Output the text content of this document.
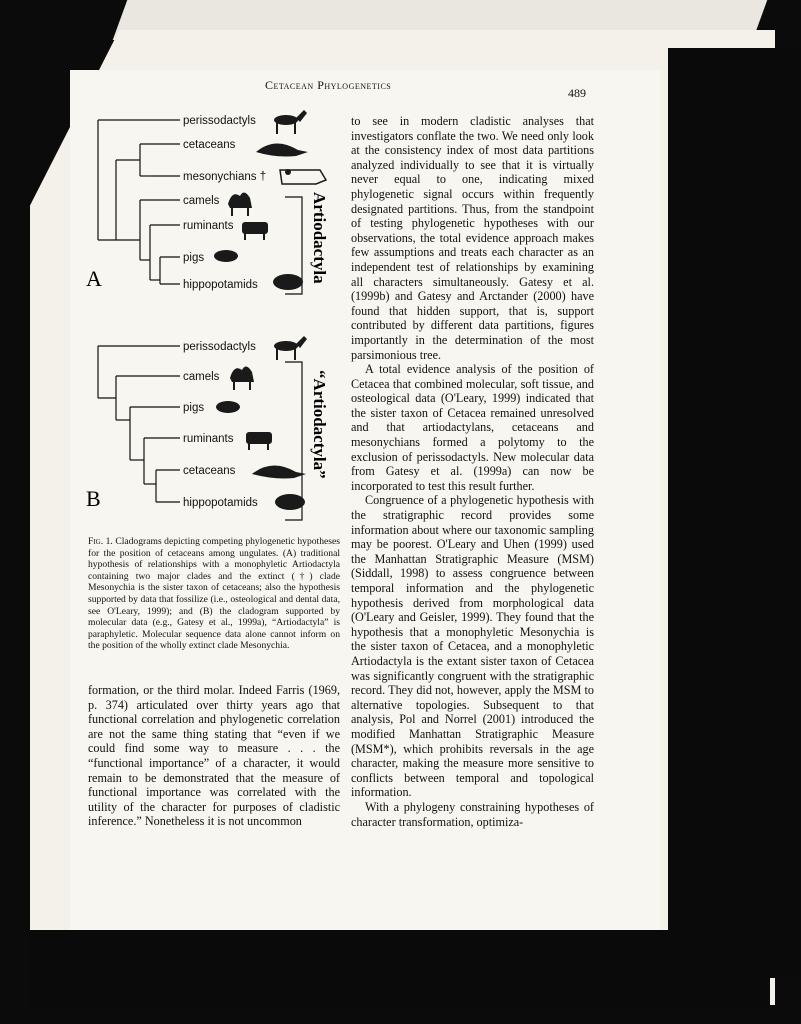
Cetacean Phylogenetics
489
perissodactyls
cetaceans
mesonychians †
camels
ruminants
pigs
hippopotamids
A	Artiodactyla
perissodactyls
camels
pigs
ruminants
cetaceans
hippopotamids
B
“Artiodactyla”
Fig. 1. Cladograms depicting competing phylogenetic hypotheses for the position of cetaceans among ungulates. (A) traditional hypothesis of relationships with a monophyletic Artiodactyla containing two major clades and the extinct (†) clade Mesonychia is the sister taxon of cetaceans; also the hypothesis supported by data that fossilize (i.e., osteological and dental data, see O'Leary, 1999); and (B) the cladogram supported by molecular data (e.g., Gatesy et al., 1999a), “Artiodactyla” is paraphyletic. Molecular sequence data alone cannot inform on the position of the wholly extinct clade Mesonychia.

formation, or the third molar. Indeed Farris (1969, p. 374) articulated over thirty years ago that functional correlation and phylogenetic correlation are not the same thing stating that “even if we could find some way to measure . . . the “functional importance” of a character, it would remain to be demonstrated that the measure of functional importance was correlated with the utility of the character for purposes of cladistic inference.” Nonetheless it is not uncommon

to see in modern cladistic analyses that investigators conflate the two. We need only look at the consistency index of most data partitions analyzed individually to see that it is virtually never equal to one, indicating mixed phylogenetic signal occurs within frequently designated partitions. Thus, from the standpoint of testing phylogenetic hypotheses with our observations, the total evidence approach makes few assumptions and treats each character as an independent test of relationships by examining all characters simultaneously. Gatesy et al. (1999b) and Gatesy and Arctander (2000) have found that hidden support, that is, support contributed by different data partitions, figures importantly in the determination of the most parsimonious tree.

A total evidence analysis of the position of Cetacea that combined molecular, soft tissue, and osteological data (O'Leary, 1999) indicated that the sister taxon of Cetacea remained unresolved and that artiodactylans, cetaceans and mesonychians formed a polytomy to the exclusion of perissodactyls. New molecular data from Gatesy et al. (1999a) can now be incorporated to test this result further.

Congruence of a phylogenetic hypothesis with the stratigraphic record provides some information about where our taxonomic sampling may be poorest. O'Leary and Uhen (1999) used the Manhattan Stratigraphic Measure (MSM) (Siddall, 1998) to assess congruence between temporal information and the phylogenetic hypothesis derived from morphological data (O'Leary and Geisler, 1999). They found that the hypothesis that a monophyletic Mesonychia is the sister taxon of Cetacea, and a monophyletic Artiodactyla is the extant sister taxon of Cetacea was significantly congruent with the stratigraphic record. They did not, however, apply the MSM to alternative topologies. Subsequent to that analysis, Pol and Norrel (2001) introduced the modified Manhattan Stratigraphic Measure (MSM*), which prohibits reversals in the age character, making the measure more sensitive to conflicts between temporal and topological information.

With a phylogeny constraining hypotheses of character transformation, optimiza-
